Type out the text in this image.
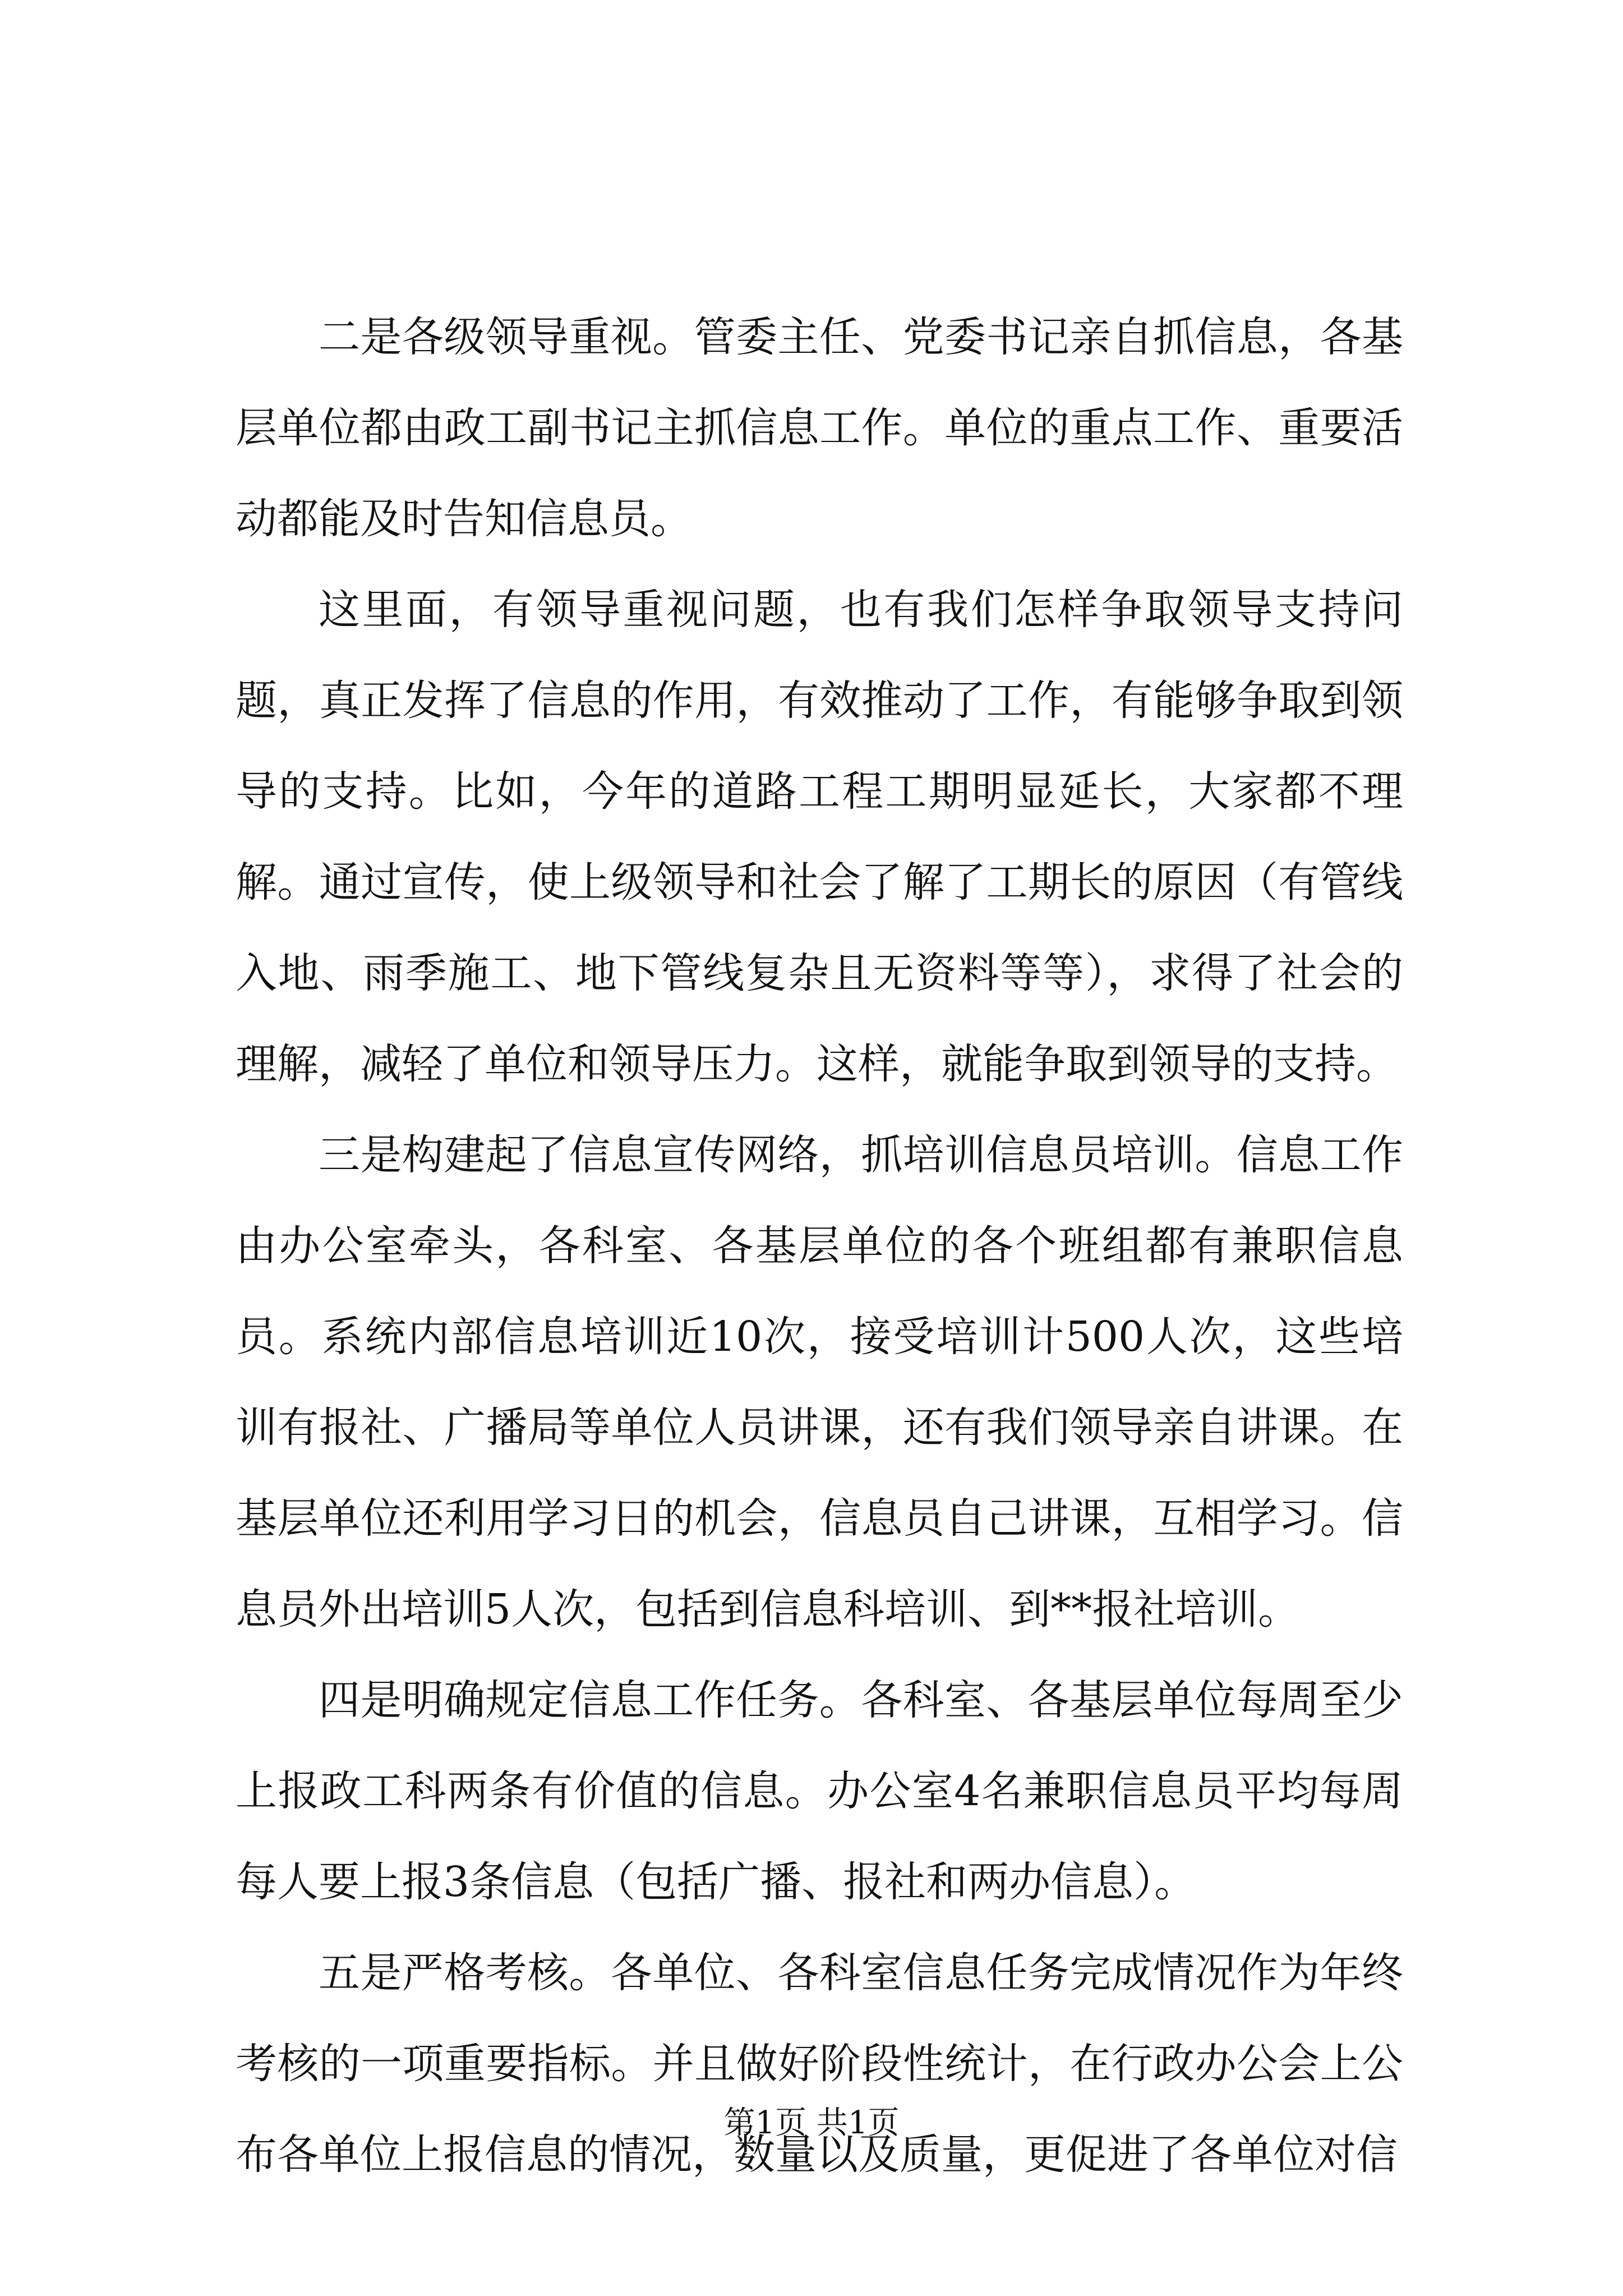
二是各级领导重视。管委主任、党委书记亲自抓信息，各基层单位都由政工副书记主抓信息工作。单位的重点工作、重要活动都能及时告知信息员。

这里面，有领导重视问题，也有我们怎样争取领导支持问题，真正发挥了信息的作用，有效推动了工作，有能够争取到领导的支持。比如，今年的道路工程工期明显延长，大家都不理解。通过宣传，使上级领导和社会了解了工期长的原因（有管线入地、雨季施工、地下管线复杂且无资料等等），求得了社会的理解，减轻了单位和领导压力。这样，就能争取到领导的支持。

三是构建起了信息宣传网络，抓培训信息员培训。信息工作由办公室牵头，各科室、各基层单位的各个班组都有兼职信息员。系统内部信息培训近10次，接受培训计500人次，这些培训有报社、广播局等单位人员讲课，还有我们领导亲自讲课。在基层单位还利用学习日的机会，信息员自己讲课，互相学习。信息员外出培训5人次，包括到信息科培训、到**报社培训。

四是明确规定信息工作任务。各科室、各基层单位每周至少上报政工科两条有价值的信息。办公室4名兼职信息员平均每周每人要上报3条信息（包括广播、报社和两办信息）。

五是严格考核。各单位、各科室信息任务完成情况作为年终考核的一项重要指标。并且做好阶段性统计，在行政办公会上公布各单位上报信息的情况，数量以及质量，更促进了各单位对信

第1页 共1页
